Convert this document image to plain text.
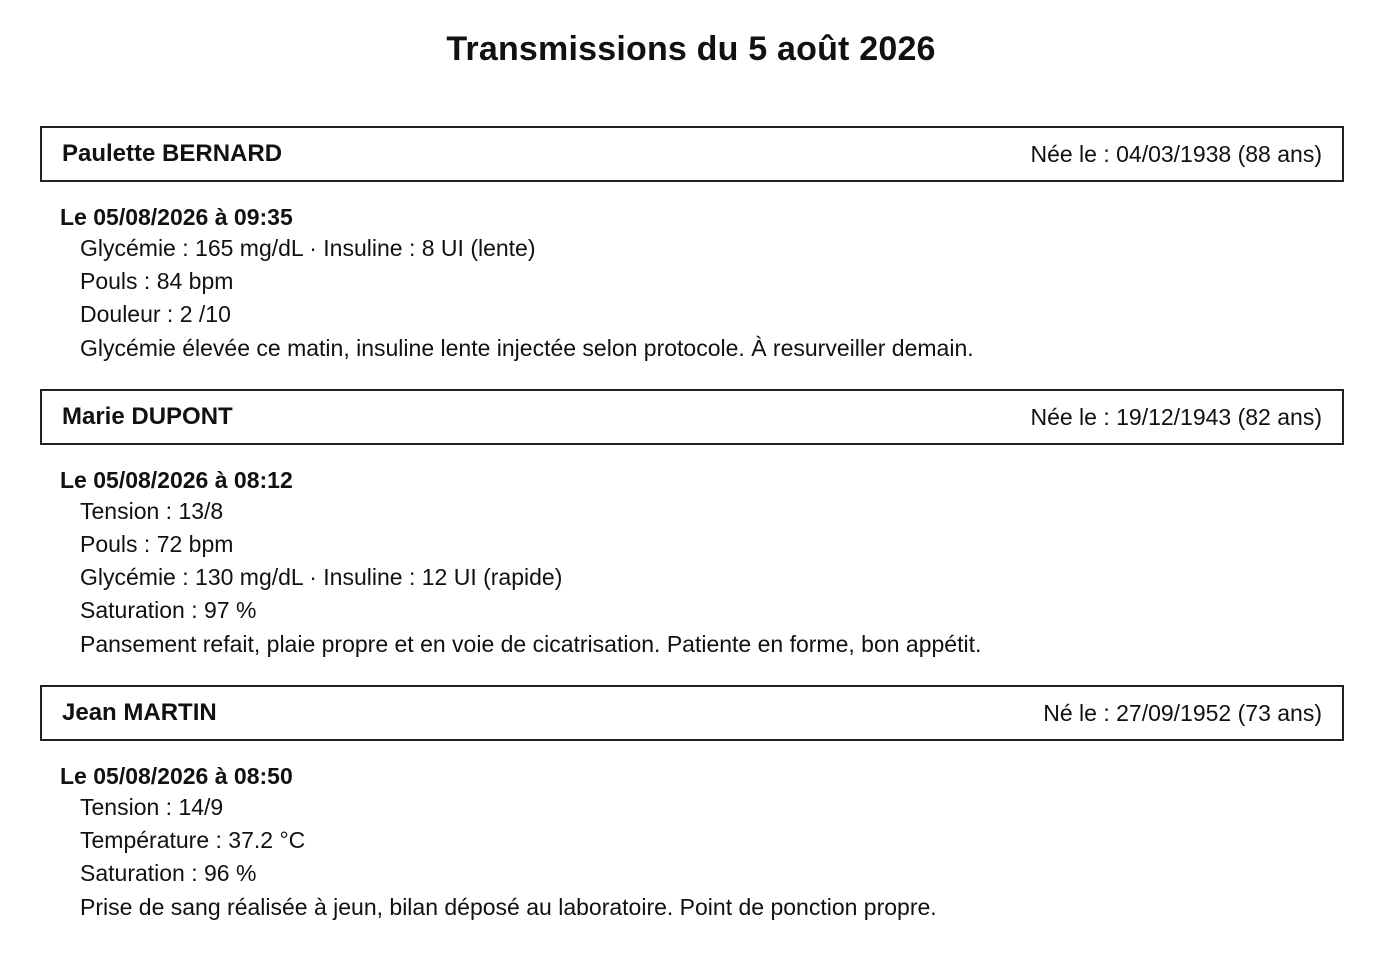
Transmissions du 5 août 2026
Paulette BERNARD	Née le : 04/03/1938 (88 ans)
Le 05/08/2026 à 09:35
Glycémie : 165 mg/dL · Insuline : 8 UI (lente)
Pouls : 84 bpm
Douleur : 2 /10
Glycémie élevée ce matin, insuline lente injectée selon protocole. À resurveiller demain.
Marie DUPONT	Née le : 19/12/1943 (82 ans)
Le 05/08/2026 à 08:12
Tension : 13/8
Pouls : 72 bpm
Glycémie : 130 mg/dL · Insuline : 12 UI (rapide)
Saturation : 97 %
Pansement refait, plaie propre et en voie de cicatrisation. Patiente en forme, bon appétit.
Jean MARTIN	Né le : 27/09/1952 (73 ans)
Le 05/08/2026 à 08:50
Tension : 14/9
Température : 37.2 °C
Saturation : 96 %
Prise de sang réalisée à jeun, bilan déposé au laboratoire. Point de ponction propre.
